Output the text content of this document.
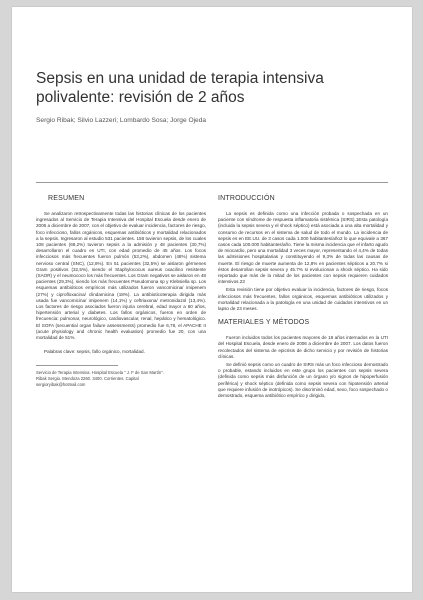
Sepsis en una unidad de terapia intensiva polivalente: revisión de 2 años
Sergio Ribak; Silvio Lazzeri; Lombardo Sosa; Jorge Ojeda
RESUMEN

Se analizaron retrospectivamente todas las historias clínicas de los pacientes ingresados al Servicio de Terapia Intensiva del Hospital Escuela desde enero de 2006 a diciembre de 2007, con el objetivo de evaluar incidencia, factores de riesgo, foco infeccioso, fallos orgánicos, esquemas antibióticos y mortalidad relacionados a la sepsis. Ingresaron al estudio 531 pacientes. 156 tuvieron sepsis, de los cuales 108 pacientes (69,2%) tuvieron sepsis a la admisión y 48 pacientes (30,7%) desarrollaron el cuadro en UTI, con edad promedio de 45 años. Los focos infecciosos más frecuentes fueron pulmón (53,2%), abdomen (48%) sistema nervioso central (SNC), (12,8%). En 51 pacientes (32,5%) se aislaron gérmenes Gram positivos (32,5%), siendo el Staphylococus aureus oxacilino resistente (SAOR) y el neumococo los más frecuentes. Los Gram negativos se aislaron en 48 pacientes (29,3%), siendo los más frecuentes Pseudomona sp y Klebsiella sp. Los esquemas antibióticos empíricos más utilizados fueron vancomicina/ imipenem (27%) y ciprofloxacina/ clindamicina (18%). La antibioticoterapia dirigida más usada fue vancomicina/ imipenem (14,1%) y ceftriaxona/ metronidazol (13,4%). Los factores de riesgo asociados fueron injuria cerebral, edad mayor a 60 años, hipertensión arterial y diabetes. Los fallos orgánicos, fueron en orden de frecuencia: pulmonar, neurológico, cardiovascular, renal, hepático y hematológico. El SOFA (secuential organ failure assessments) promedio fue 6,78, el APACHE II (acute physiology and chronic health evaluation) promedio fue 20, con una mortalidad de 51%.

Palabras clave: sepsis, fallo orgánico, mortalidad.

Servicio de Terapia Intensiva. Hospital Escuela " J. F de San Martín".

Ribak Sergio. Mendoza 2260. 3400. Corrientes. Capital

sergioryibak@hotmail.com

INTRODUCCIÓN

La sepsis es definida como una infección probada o sospechada en un paciente con síndrome de respuesta inflamatoria sistémica (SIRS).1Esta patología (incluida la sepsis severa y el shock séptico) está asociada a una alta mortalidad y consumo de recursos en el sistema de salud de todo el mundo. La incidencia de sepsis es en EE.UU. de 3 casos cada 1.000 habitantes/año2 lo que equivale a 367 casos cada 100.000 habitantes/año. Tiene la misma incidencia que el infarto agudo de miocardio, pero una mortalidad 3 veces mayor, representando el 4,4% de todas las admisiones hospitalarias y constituyendo el 9,3% de todas las causas de muerte. El riesgo de muerte aumenta de 12,8% en pacientes sépticos a 20.7% si éstos desarrollan sepsis severa y 45.7% si evolucionan a shock séptico. Ha sido reportado que más de la mitad de los pacientes con sepsis requieren cuidados intensivos.23

Esta revisión tiene por objetivo evaluar la incidencia, factores de riesgo, focos infecciosos más frecuentes, fallos orgánicos, esquemas antibióticos utilizados y mortalidad relacionada a la patología en una unidad de cuidados intensivos en un lapso de 23 meses.

MATERIALES Y MÉTODOS

Fueron incluidos todos los pacientes mayores de 18 años internados en la UTI del Hospital Escuela, desde enero de 2006 a diciembre de 2007. Los datos fueron recolectados del sistema de epicrisis de dicho servicio y por revisión de historias clínicas.

Se definió sepsis como un cuadro de SIRS más un foco infeccioso demostrado o probable, estando incluidos en este grupo los pacientes con sepsis severa (definida como sepsis más disfunción de un órgano y/o signos de hipoperfusión periférica) y shock séptico (definida como sepsis severa con hipotensión arterial que requiere infusión de inotrópicos). Se discriminó edad, sexo, foco sospechado o demostrado, esquema antibiótico empírico y dirigido,
